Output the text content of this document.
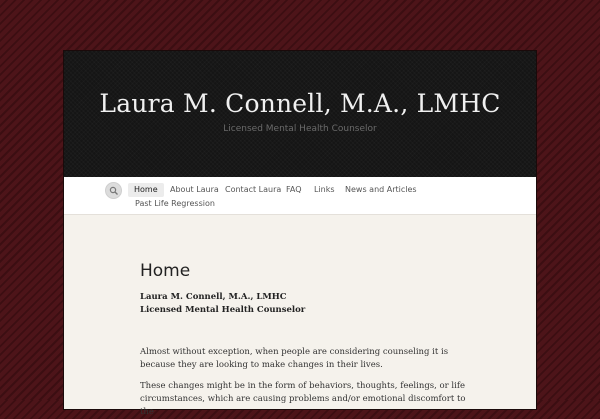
Laura M. Connell, M.A., LMHC
Licensed Mental Health Counselor
Home	About Laura Contact Laura FAQ Links News and Articles
Past Life Regression
Home
Laura M. Connell, M.A., LMHC
Licensed Mental Health Counselor
Almost without exception, when people are considering counseling it is because they are looking to make changes in their lives.
These changes might be in the form of behaviors, thoughts, feelings, or life circumstances, which are causing problems and/or emotional discomfort to the
